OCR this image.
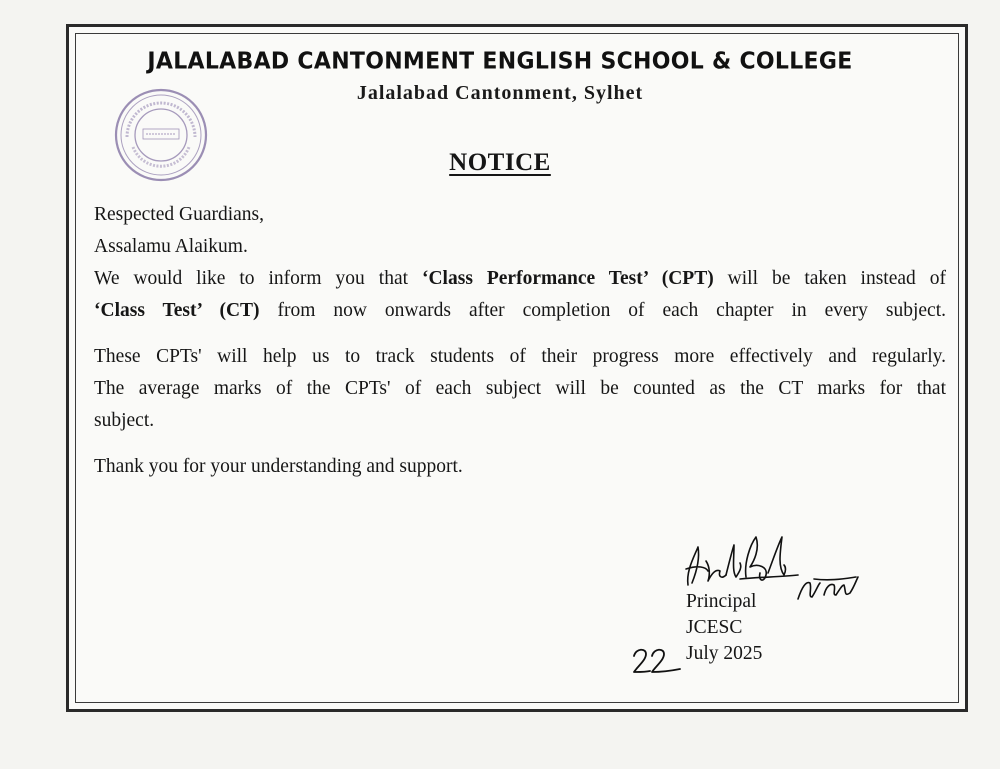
JALALABAD CANTONMENT ENGLISH SCHOOL & COLLEGE
Jalalabad Cantonment, Sylhet
NOTICE
Respected Guardians,
Assalamu Alaikum.
We would like to inform you that ‘Class Performance Test’ (CPT) will be taken instead of
‘Class Test’ (CT) from now onwards after completion of each chapter in every subject.
These CPTs' will help us to track students of their progress more effectively and regularly.
The average marks of the CPTs' of each subject will be counted as the CT marks for that
subject.
Thank you for your understanding and support.
Principal
JCESC
July 2025
